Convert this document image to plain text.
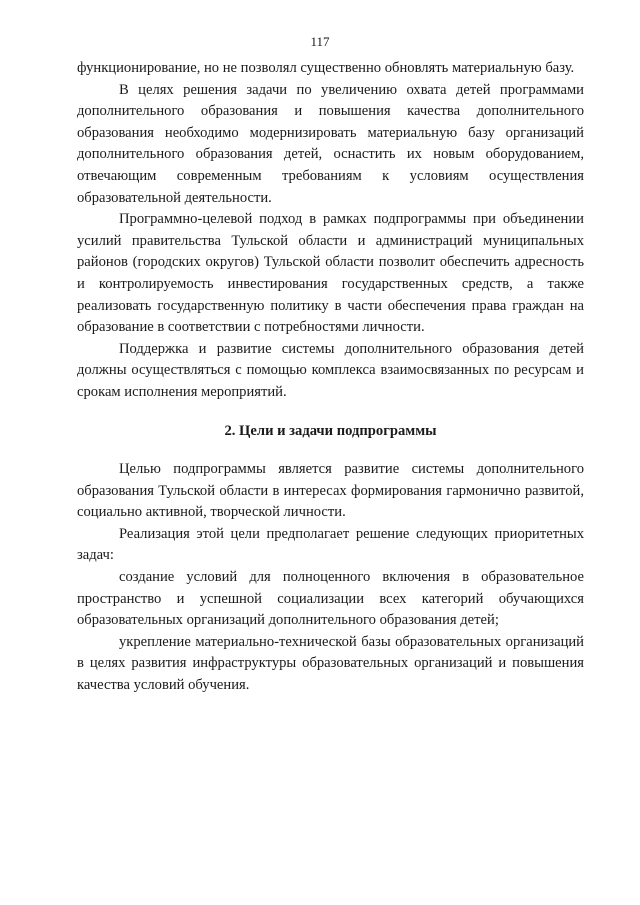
117

функционирование, но не позволял существенно обновлять материальную базу.

В целях решения задачи по увеличению охвата детей программами дополнительного образования и повышения качества дополнительного образования необходимо модернизировать материальную базу организаций дополнительного образования детей, оснастить их новым оборудованием, отвечающим современным требованиям к условиям осуществления образовательной деятельности.

Программно-целевой подход в рамках подпрограммы при объединении усилий правительства Тульской области и администраций муниципальных районов (городских округов) Тульской области позволит обеспечить адресность и контролируемость инвестирования государственных средств, а также реализовать государственную политику в части обеспечения права граждан на образование в соответствии с потребностями личности.

Поддержка и развитие системы дополнительного образования детей должны осуществляться с помощью комплекса взаимосвязанных по ресурсам и срокам исполнения мероприятий.

2. Цели и задачи подпрограммы

Целью подпрограммы является развитие системы дополнительного образования Тульской области в интересах формирования гармонично развитой, социально активной, творческой личности.

Реализация этой цели предполагает решение следующих приоритетных задач:

создание условий для полноценного включения в образовательное пространство и успешной социализации всех категорий обучающихся образовательных организаций дополнительного образования детей;

укрепление материально-технической базы образовательных организаций в целях развития инфраструктуры образовательных организаций и повышения качества условий обучения.
